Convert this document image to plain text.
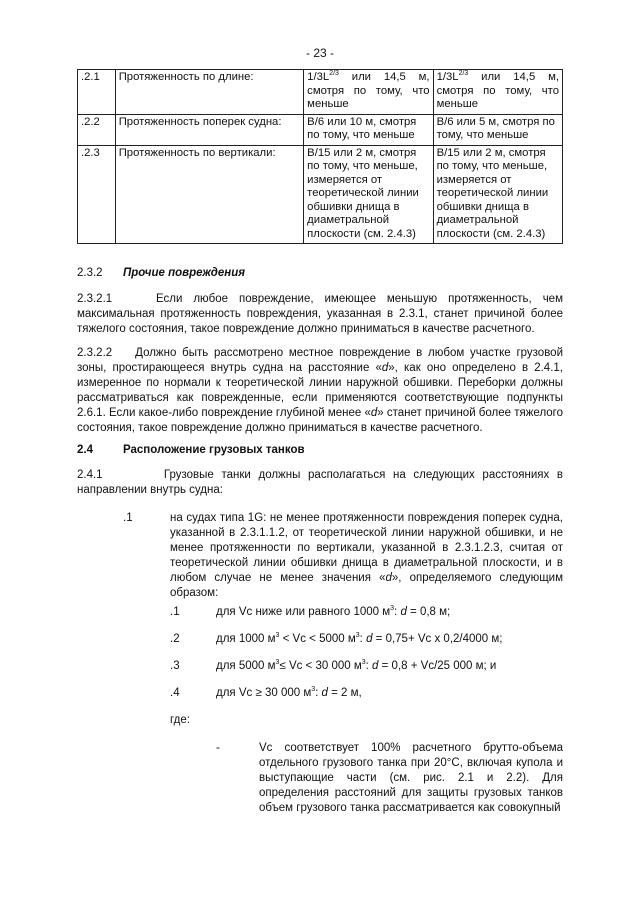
- 23 -
.2.1	Протяженность по длине:	$1/3L^{2/3}$ или 14,5 м, смотря по тому, что меньше	$1/3L^{2/3}$ или 14,5 м, смотря по тому, что меньше
.2.2	Протяженность поперек судна:	B/6 или 10 м, смотря по тому, что меньше	B/6 или 5 м, смотря по тому, что меньше
.2.3	Протяженность по вертикали:	B/15 или 2 м, смотря по тому, что меньше, измеряется от теоретической линии обшивки днища в диаметральной плоскости (см. 2.4.3)	B/15 или 2 м, смотря по тому, что меньше, измеряется от теоретической линии обшивки днища в диаметральной плоскости (см. 2.4.3)
2.3.2 Прочие повреждения
2.3.2.1	Если любое повреждение, имеющее меньшую протяженность, чем максимальная протяженность повреждения, указанная в 2.3.1, станет причиной более тяжелого состояния, такое повреждение должно приниматься в качестве расчетного.
2.3.2.2 Должно быть рассмотрено местное повреждение в любом участке грузовой зоны, простирающееся внутрь судна на расстояние «d», как оно определено в 2.4.1, измеренное по нормали к теоретической линии наружной обшивки. Переборки должны рассматриваться как поврежденные, если применяются соответствующие подпункты 2.6.1. Если какое-либо повреждение глубиной менее «d» станет причиной более тяжелого состояния, такое повреждение должно приниматься в качестве расчетного.
2.4	Расположение грузовых танков
2.4.1	Грузовые танки должны располагаться на следующих расстояниях в направлении внутрь судна:
.1	на судах типа 1G: не менее протяженности повреждения поперек судна, указанной в 2.3.1.1.2, от теоретической линии наружной обшивки, и не менее протяженности по вертикали, указанной в 2.3.1.2.3, считая от теоретической линии обшивки днища в диаметральной плоскости, и в любом случае не менее значения «d», определяемого следующим образом:
.1	для Vc ниже или равного 1000 $м^3$: d = 0,8 м;
.2	для 1000 $м^3 < Vc < 5000$ $м^3$: d = 0,75+ Vc x 0,2/4000 м;
.3	для 5000 $м^3\le Vc < 30$ 000 $м^3$: d = 0,8 + Vc/25 000 м; и
.4	для Vc ≥ 30 000 $м^3$: d = 2 м,
где:
-	Vc соответствует 100% расчетного брутто-объема отдельного грузового танка при 20°C, включая купола и выступающие части (см. рис. 2.1 и 2.2). Для определения расстояний для защиты грузовых танков объем грузового танка рассматривается как совокупный
